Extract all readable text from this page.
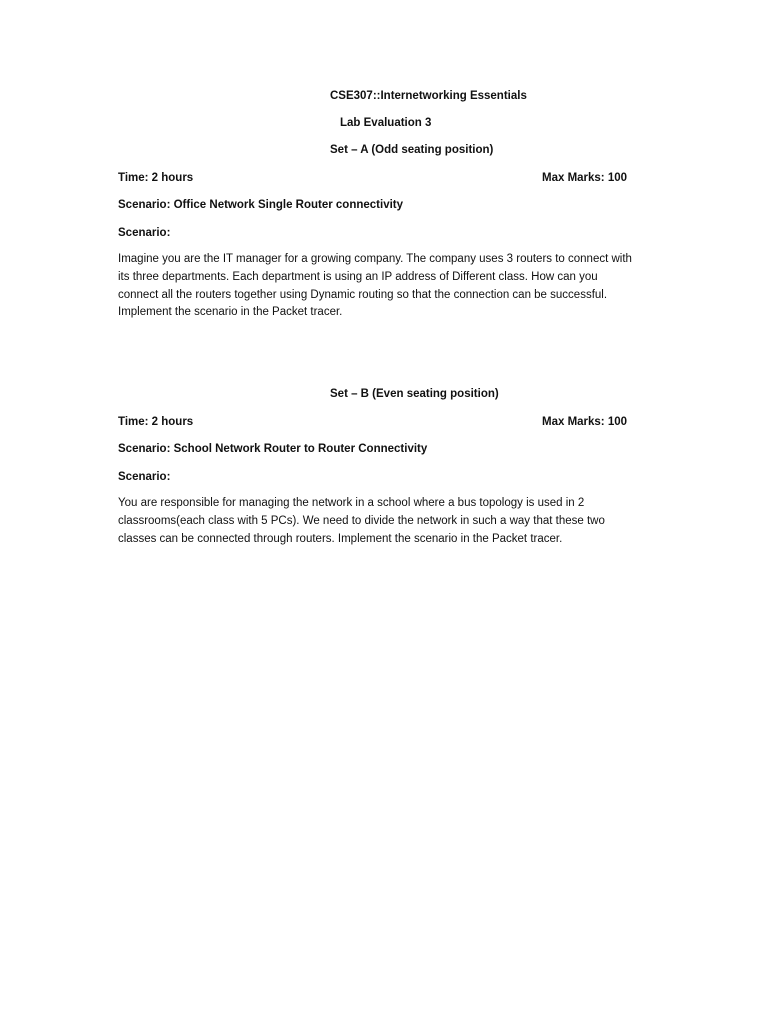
CSE307::Internetworking Essentials
Lab Evaluation 3
Set – A (Odd seating position)
Time: 2 hours	Max Marks: 100
Scenario: Office Network Single Router connectivity
Scenario:
Imagine you are the IT manager for a growing company. The company uses 3 routers to connect with
its three departments. Each department is using an IP address of Different class. How can you
connect all the routers together using Dynamic routing so that the connection can be successful.
Implement the scenario in the Packet tracer.
Set – B (Even seating position)
Time: 2 hours	Max Marks: 100
Scenario: School Network Router to Router Connectivity
Scenario:
You are responsible for managing the network in a school where a bus topology is used in 2
classrooms(each class with 5 PCs). We need to divide the network in such a way that these two
classes can be connected through routers. Implement the scenario in the Packet tracer.
